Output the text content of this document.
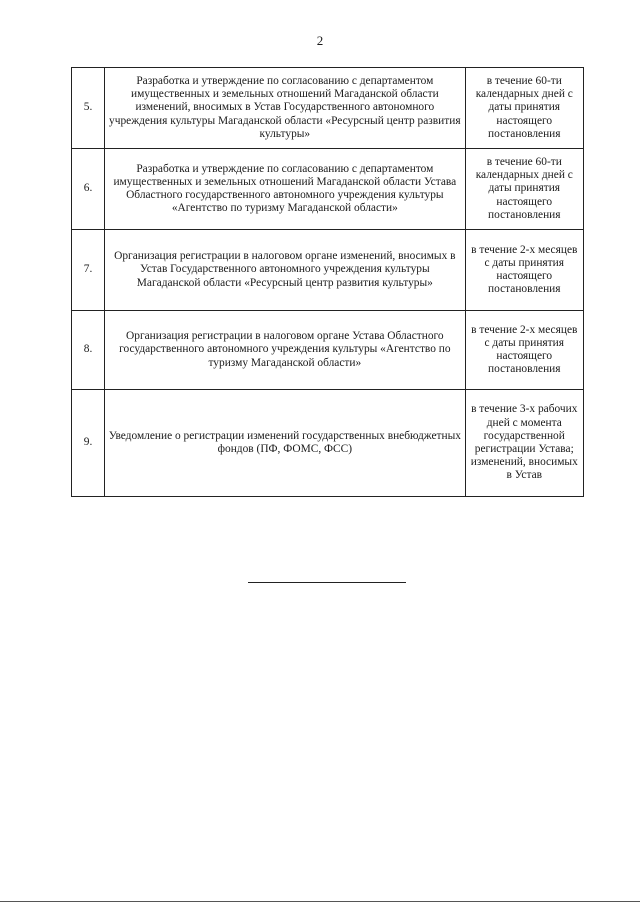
2
5.	Разработка и утверждение по согласованию с департаментом имущественных и земельных отношений Магаданской области изменений, вносимых в Устав Государственного автономного учреждения культуры Магаданской области «Ресурсный центр развития культуры»	в течение 60-ти календарных дней с даты принятия настоящего постановления
6.	Разработка и утверждение по согласованию с департаментом имущественных и земельных отношений Магаданской области Устава Областного государственного автономного учреждения культуры «Агентство по туризму Магаданской области»	в течение 60-ти календарных дней с даты принятия настоящего постановления
7.	Организация регистрации в налоговом органе изменений, вносимых в Устав Государственного автономного учреждения культуры Магаданской области «Ресурсный центр развития культуры»	в течение 2-х месяцев с даты принятия настоящего постановления
8.	Организация регистрации в налоговом органе Устава Областного государственного автономного учреждения культуры «Агентство по туризму Магаданской области»	в течение 2-х месяцев с даты принятия настоящего постановления
9.	Уведомление о регистрации изменений государственных внебюджетных фондов (ПФ, ФОМС, ФСС)	в течение 3-х рабочих дней с момента государственной регистрации Устава; изменений, вносимых в Устав
